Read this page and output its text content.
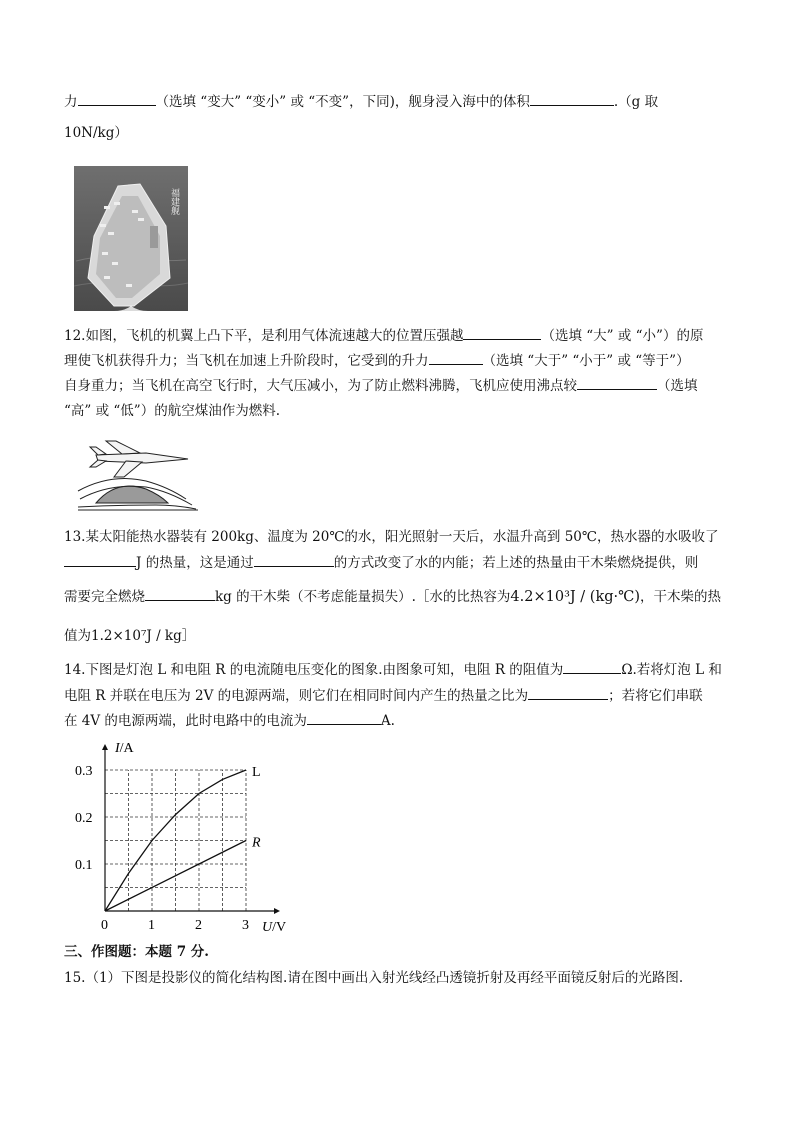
力	（选填 “变大” “变小” 或 “不变”，下同)，舰身浸入海中的体积	.（g 取
10N/kg）
福建舰
12.如图，飞机的机翼上凸下平，是利用气体流速越大的位置压强越	（选填 “大” 或 “小”）的原
理使飞机获得升力；当飞机在加速上升阶段时，它受到的升力	（选填 “大于” “小于” 或 “等于”）
自身重力；当飞机在高空飞行时，大气压减小，为了防止燃料沸腾，飞机应使用沸点较	（选填
“高” 或 “低”）的航空煤油作为燃料.
13.某太阳能热水器装有 200kg、温度为 20℃的水，阳光照射一天后，水温升高到 50℃，热水器的水吸收了
J 的热量，这是通过	的方式改变了水的内能；若上述的热量由干木柴燃烧提供，则
需要完全燃烧	kg 的干木柴（不考虑能量损失）.［水的比热容为4.2×10³J / (kg·℃)，干木柴的热
值为1.2×10⁷J / kg］
14.下图是灯泡 L 和电阻 R 的电流随电压变化的图象.由图象可知，电阻 R 的阻值为	Ω.若将灯泡 L 和
电阻 R 并联在电压为 2V 的电源两端，则它们在相同时间内产生的热量之比为	；若将它们串联
在 4V 的电源两端，此时电路中的电流为	A.
L
R
0	1	2	3
0.1
0.2
0.3
U/V
I/A
三、作图题：本题 7 分.
15.（1）下图是投影仪的简化结构图.请在图中画出入射光线经凸透镜折射及再经平面镜反射后的光路图.
